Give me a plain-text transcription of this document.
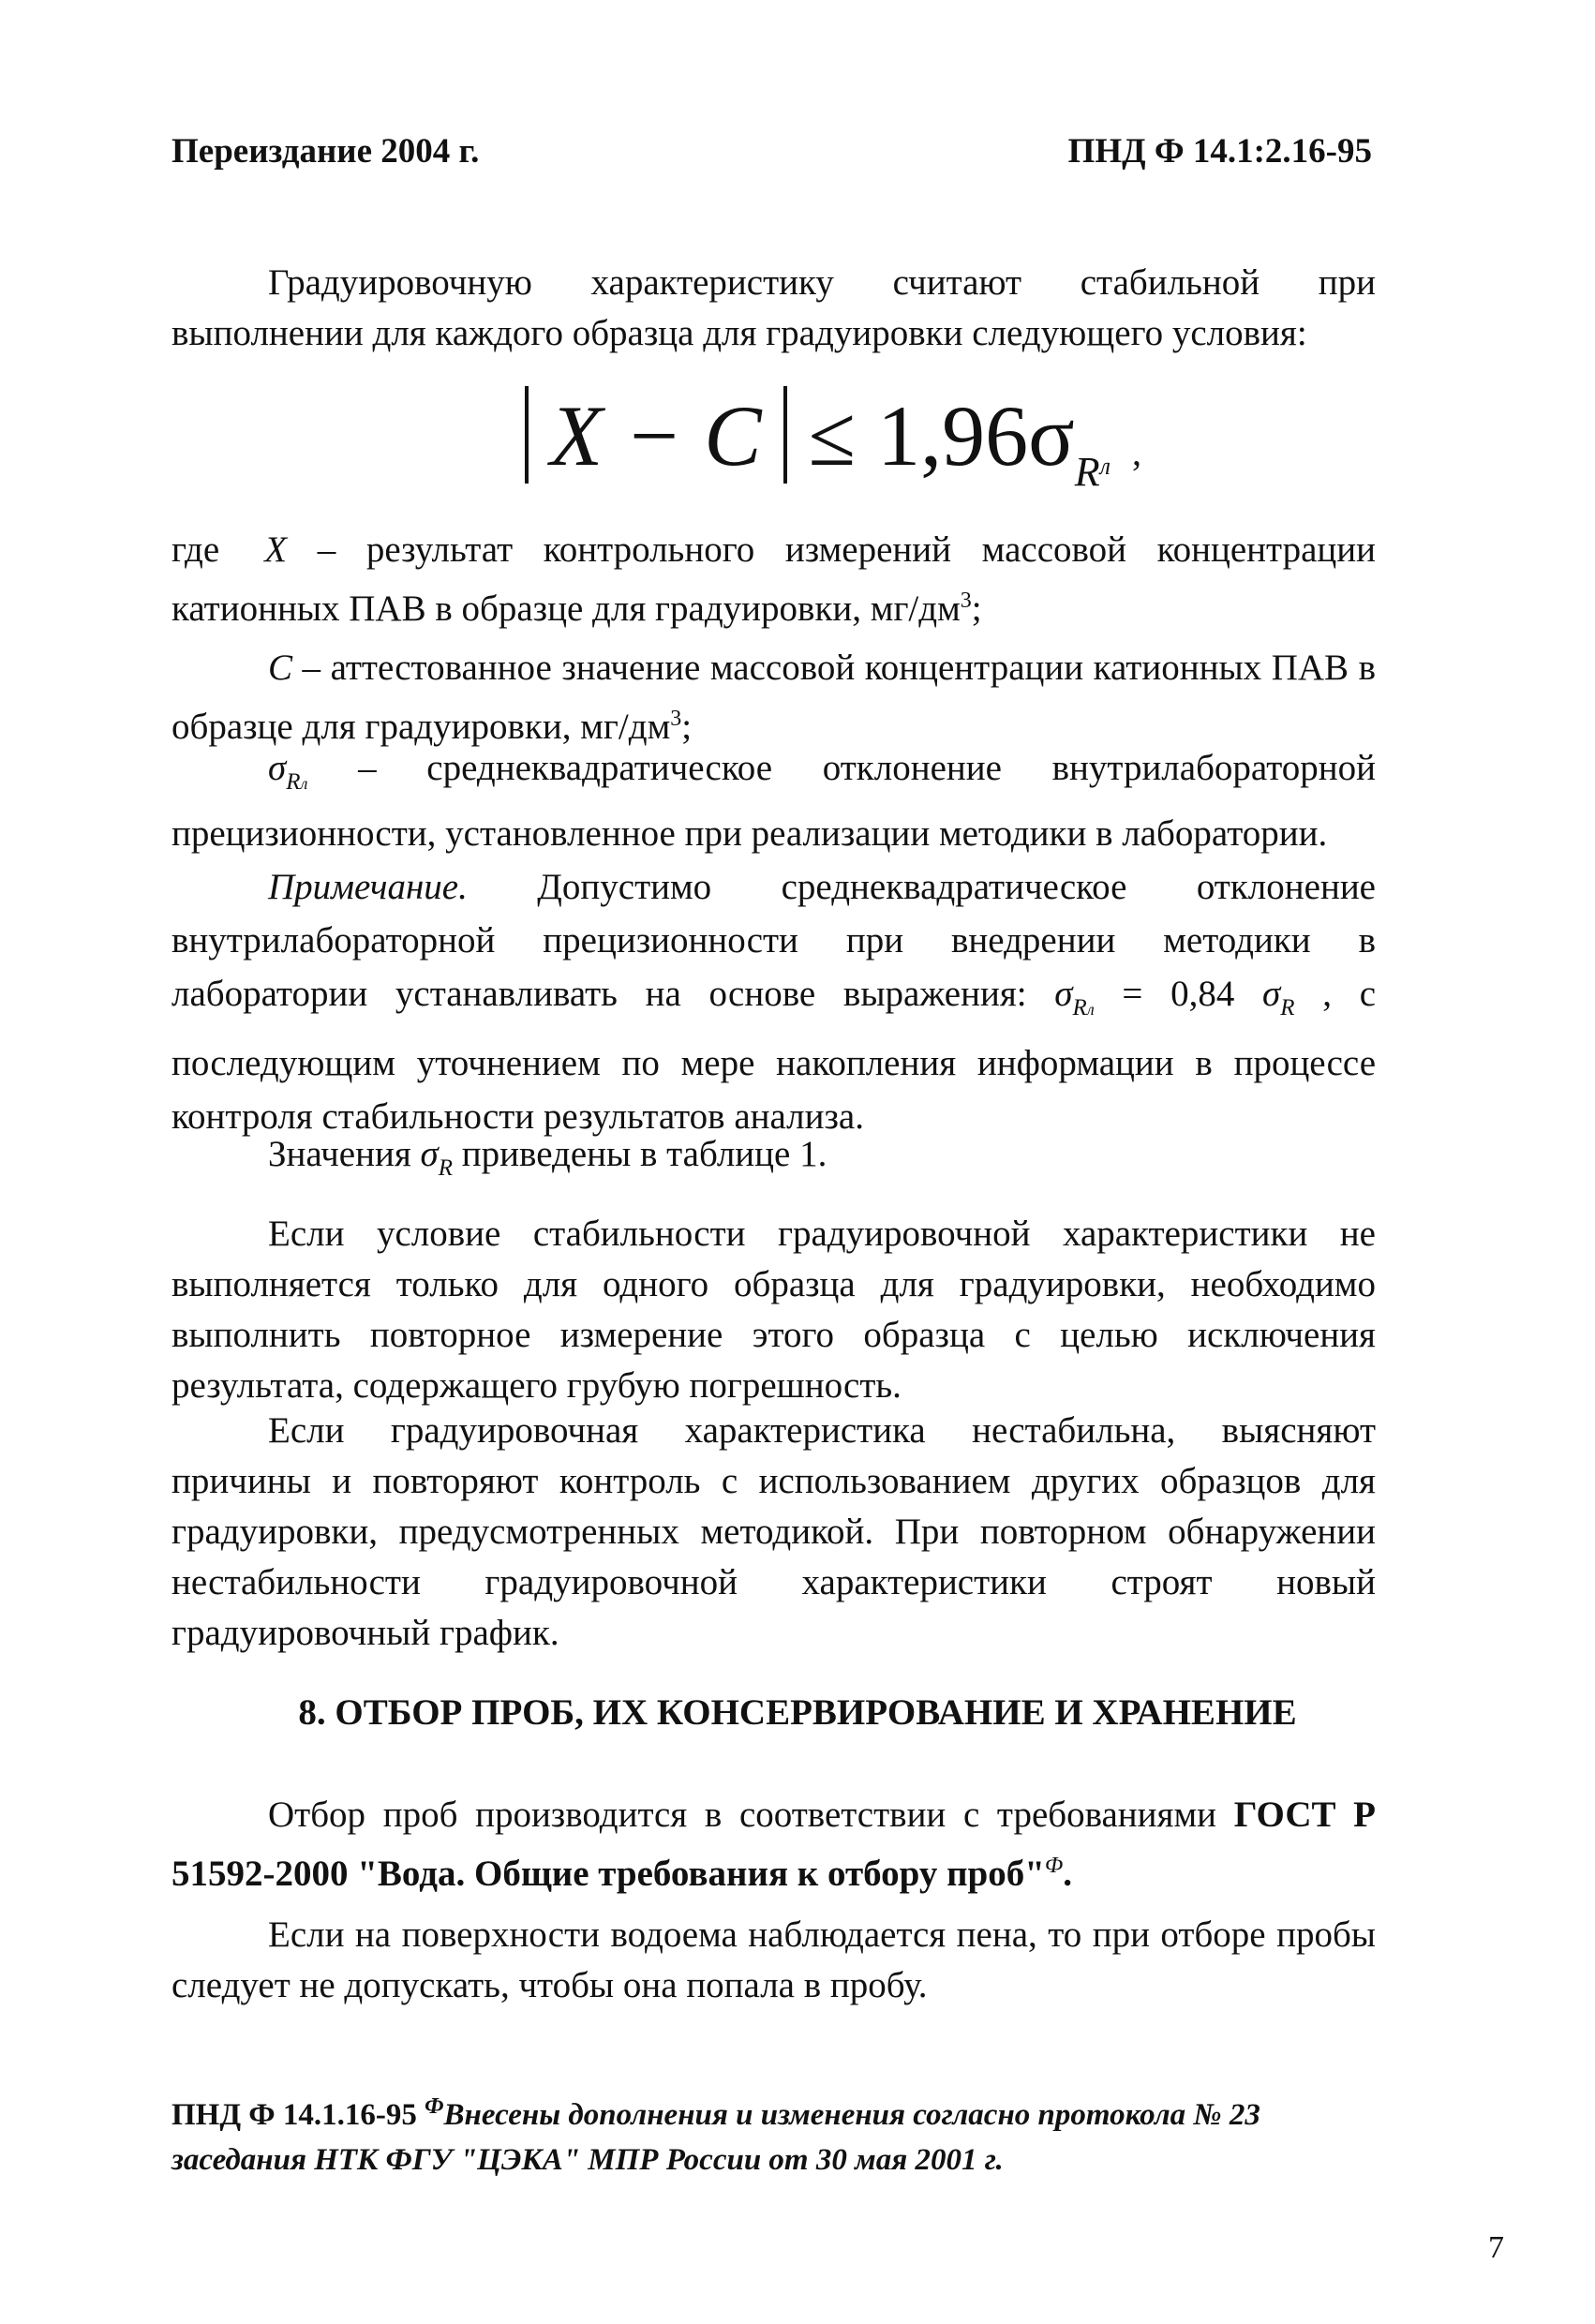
Переиздание 2004 г.	ПНД Ф 14.1:2.16-95
Градуировочную характеристику считают стабильной при выполнении для каждого образца для градуировки следующего условия:
$X - C \le 1,96\sigma_Rл$ ,
где X – результат контрольного измерений массовой концентрации катионных ПАВ в образце для градуировки, $мг/дм^3$;
C – аттестованное значение массовой концентрации катионных ПАВ в образце для градуировки, $мг/дм^3$;
$\sigma_{Rл}$ – среднеквадратическое отклонение внутрилабораторной прецизионности, установленное при реализации методики в лаборатории.
Примечание. Допустимо среднеквадратическое отклонение внутрилабораторной прецизионности при внедрении методики в лаборатории устанавливать на основе выражения: $\sigma_{Rл} = 0,84$ $\sigma_R$ , с последующим уточнением по мере накопления информации в процессе контроля стабильности результатов анализа.
Значения $\sigma_R$ приведены в таблице 1.
Если условие стабильности градуировочной характеристики не выполняется только для одного образца для градуировки, необходимо выполнить повторное измерение этого образца с целью исключения результата, содержащего грубую погрешность.
Если градуировочная характеристика нестабильна, выясняют причины и повторяют контроль с использованием других образцов для градуировки, предусмотренных методикой. При повторном обнаружении нестабильности градуировочной характеристики строят новый градуировочный график.
8. ОТБОР ПРОБ, ИХ КОНСЕРВИРОВАНИЕ И ХРАНЕНИЕ
Отбор проб производится в соответствии с требованиями ГОСТ Р 51592-2000 "Вода. Общие требования к отбору проб"$^Ф$.
Если на поверхности водоема наблюдается пена, то при отборе пробы следует не допускать, чтобы она попала в пробу.
ПНД Ф 14.1.16-95 $^Ф$Внесены дополнения и изменения согласно протокола № 23 заседания НТК ФГУ "ЦЭКА" МПР России от 30 мая 2001 г.
7
